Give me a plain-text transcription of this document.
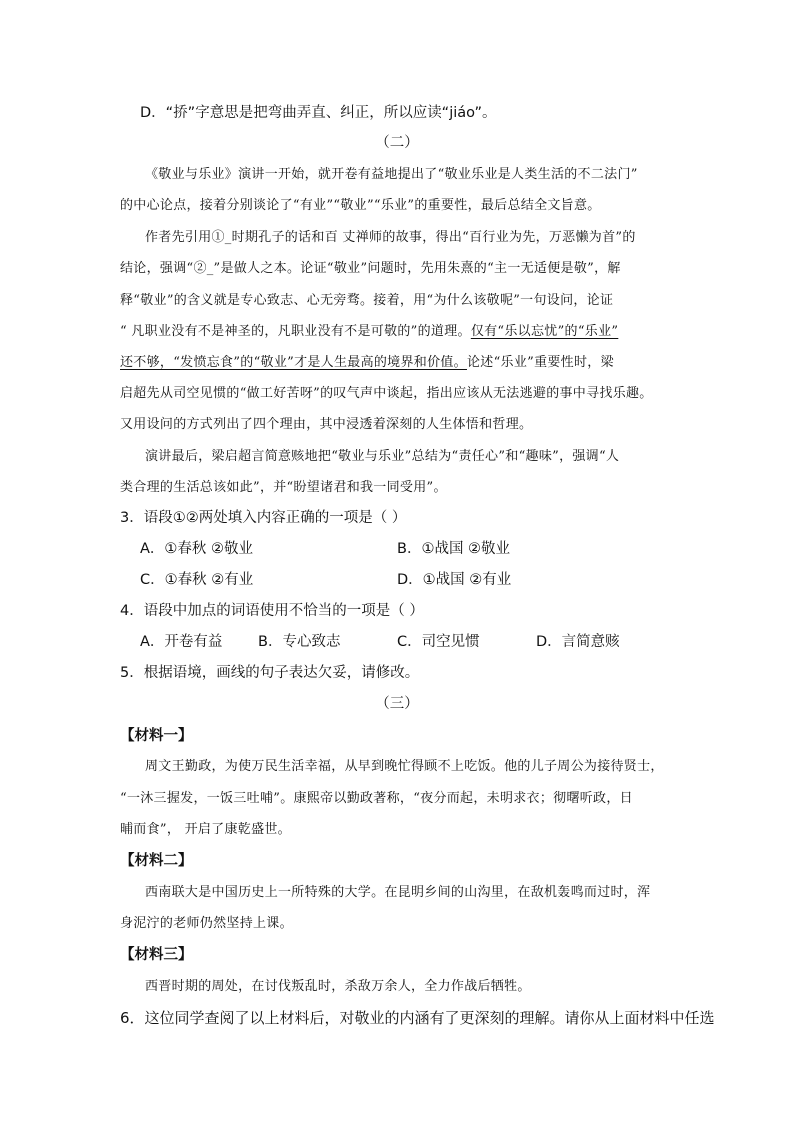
D．“挢”字意思是把弯曲弄直、纠正，所以应读“jiáo”。
（二）
《敬业与乐业》演讲一开始，就开卷有益地提出了“敬业乐业是人类生活的不二法门”
的中心论点，接着分别谈论了“有业”“敬业”“乐业”的重要性，最后总结全文旨意。
作者先引用①_时期孔子的话和百 丈禅师的故事，得出“百行业为先，万恶懒为首”的
结论，强调“②_”是做人之本。论证“敬业”问题时，先用朱熹的“主一无适便是敬”，解
释“敬业”的含义就是专心致志、心无旁骛。接着，用“为什么该敬呢”一句设问，论证
“ 凡职业没有不是神圣的，凡职业没有不是可敬的”的道理。仅有“乐以忘忧”的“乐业”
还不够，“发愤忘食”的“敬业”才是人生最高的境界和价值。论述“乐业”重要性时，梁
启超先从司空见惯的“做工好苦呀”的叹气声中谈起，指出应该从无法逃避的事中寻找乐趣。
又用设问的方式列出了四个理由，其中浸透着深刻的人生体悟和哲理。
演讲最后，梁启超言简意赅地把“敬业与乐业”总结为“责任心”和“趣味”，强调“人
类合理的生活总该如此”，并“盼望诸君和我一同受用”。
3．语段①②两处填入内容正确的一项是（ ）
A．①春秋 ②敬业	B．①战国 ②敬业
C．①春秋 ②有业	D．①战国 ②有业
4．语段中加点的词语使用不恰当的一项是（ ）
A．开卷有益 B．专心致志	C．司空见惯	D．言简意赅
5．根据语境，画线的句子表达欠妥，请修改。
（三）
【材料一】
周文王勤政，为使万民生活幸福，从早到晚忙得顾不上吃饭。他的儿子周公为接待贤士，
“一沐三握发，一饭三吐哺”。康熙帝以勤政著称，“夜分而起，未明求衣；彻曙听政，日
晡而食”， 开启了康乾盛世。
【材料二】
西南联大是中国历史上一所特殊的大学。在昆明乡间的山沟里，在敌机轰鸣而过时，浑
身泥泞的老师仍然坚持上课。
【材料三】
西晋时期的周处，在讨伐叛乱时，杀敌万余人，全力作战后牺牲。
6．这位同学查阅了以上材料后，对敬业的内涵有了更深刻的理解。请你从上面材料中任选
